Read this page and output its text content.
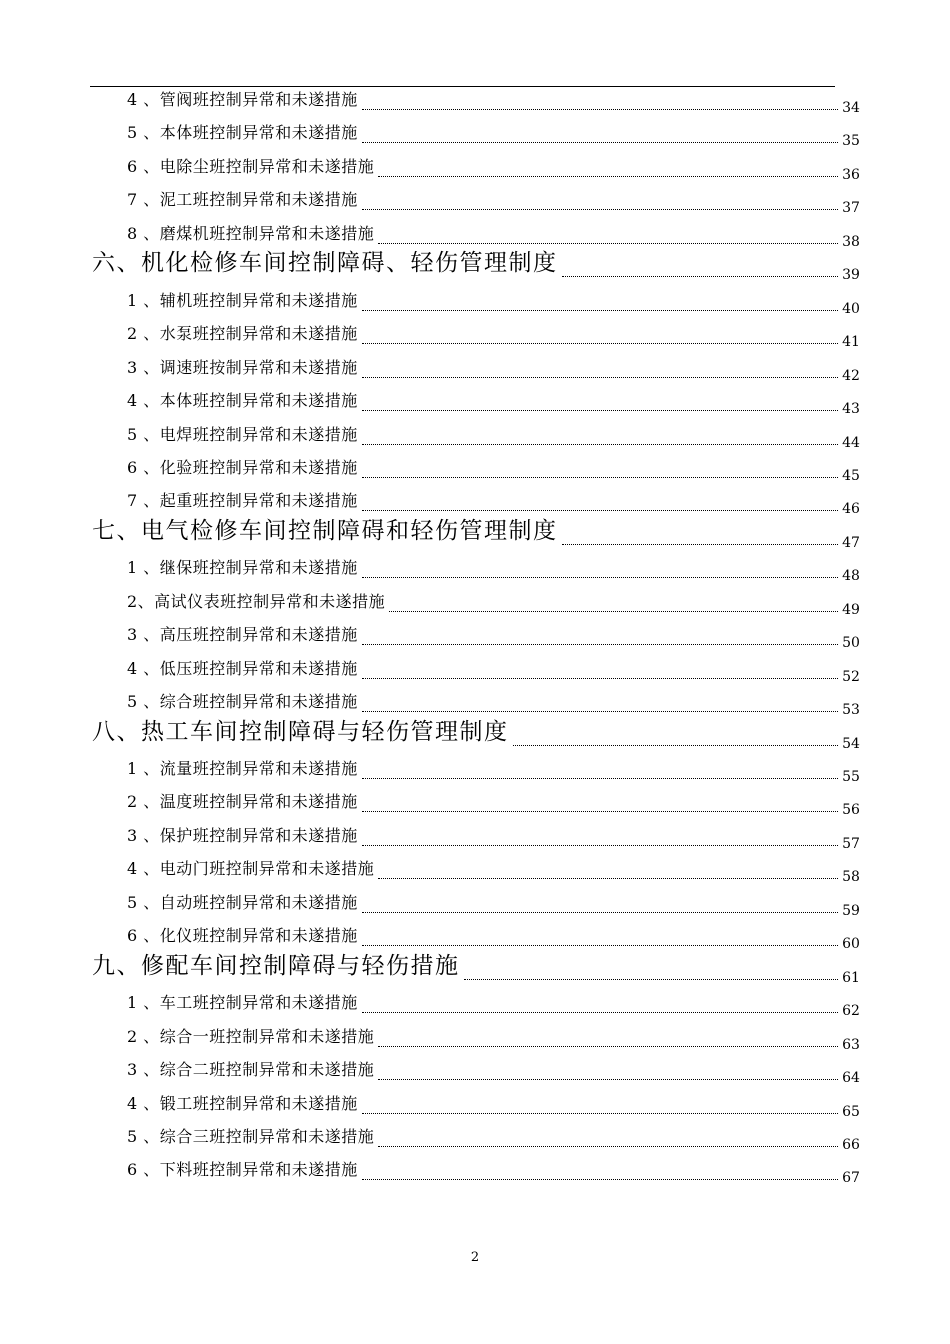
4 、管阀班控制异常和未遂措施	34
5 、本体班控制异常和未遂措施	35
6 、电除尘班控制异常和未遂措施	36
7 、泥工班控制异常和未遂措施	37
8 、磨煤机班控制异常和未遂措施	38
六、机化检修车间控制障碍、轻伤管理制度	39
1 、辅机班控制异常和未遂措施	40
2 、水泵班控制异常和未遂措施	41
3 、调速班按制异常和未遂措施	42
4 、本体班控制异常和未遂措施	43
5 、电焊班控制异常和未遂措施	44
6 、化验班控制异常和未遂措施	45
7 、起重班控制异常和未遂措施	46
七、电气检修车间控制障碍和轻伤管理制度	47
1 、继保班控制异常和未遂措施	48
2、高试仪表班控制异常和未遂措施	49
3 、高压班控制异常和未遂措施	50
4 、低压班控制异常和未遂措施	52
5 、综合班控制异常和未遂措施	53
八、热工车间控制障碍与轻伤管理制度	54
1 、流量班控制异常和未遂措施	55
2 、温度班控制异常和未遂措施	56
3 、保护班控制异常和未遂措施	57
4 、电动门班控制异常和未遂措施	58
5 、自动班控制异常和未遂措施	59
6 、化仪班控制异常和未遂措施	60
九、修配车间控制障碍与轻伤措施	61
1 、车工班控制异常和未遂措施	62
2 、综合一班控制异常和未遂措施	63
3 、综合二班控制异常和未遂措施	64
4 、锻工班控制异常和未遂措施	65
5 、综合三班控制异常和未遂措施	66
6 、下料班控制异常和未遂措施	67
2
